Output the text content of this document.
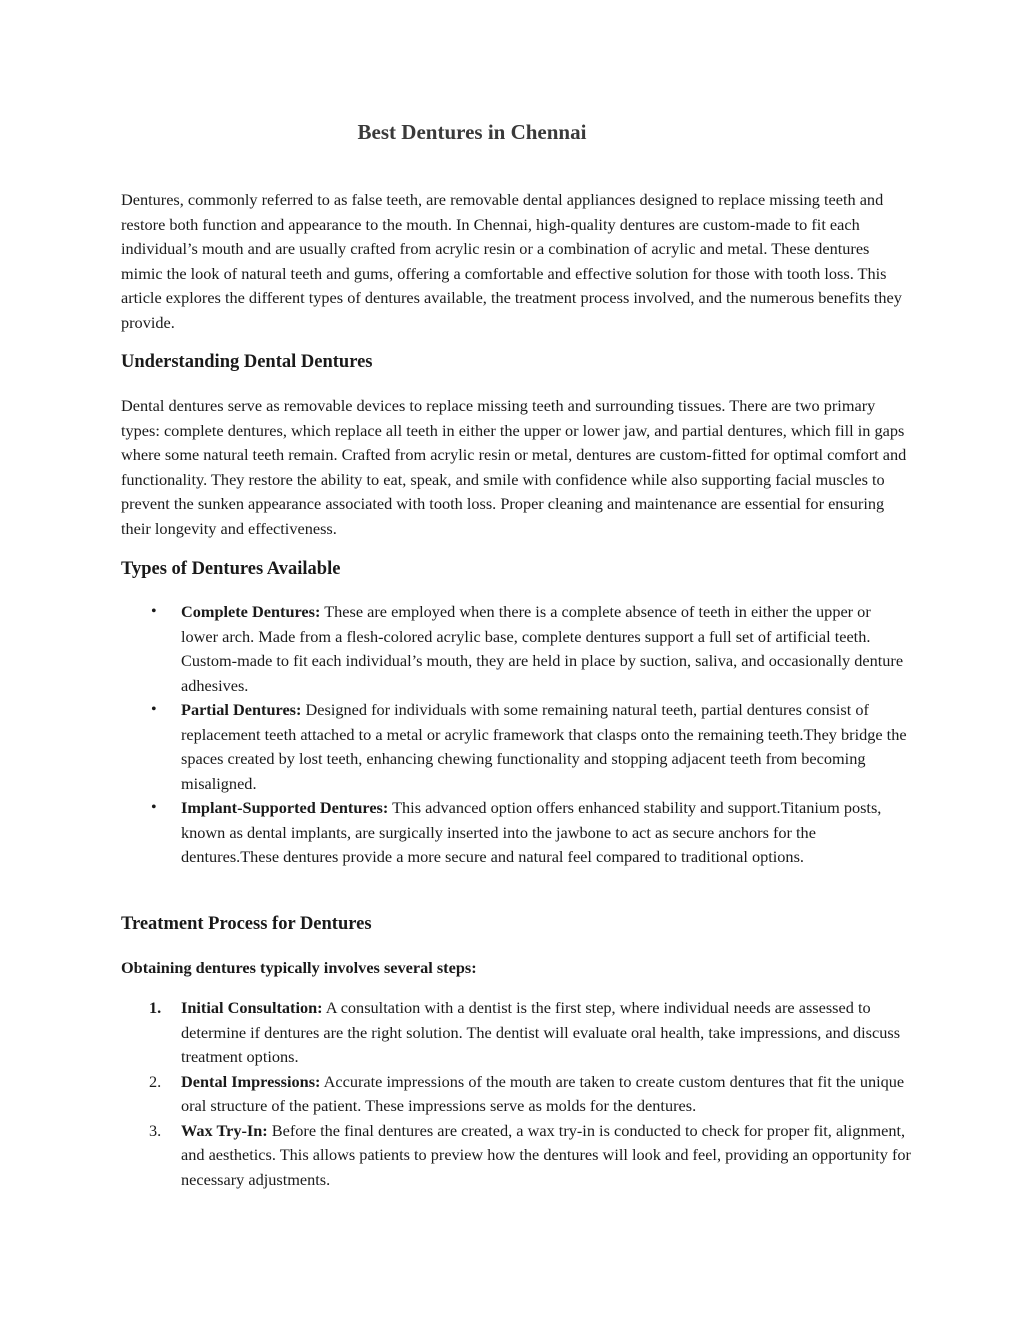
Best Dentures in Chennai

Dentures, commonly referred to as false teeth, are removable dental appliances designed to replace missing teeth and restore both function and appearance to the mouth. In Chennai, high-quality dentures are custom-made to fit each individual’s mouth and are usually crafted from acrylic resin or a combination of acrylic and metal. These dentures mimic the look of natural teeth and gums, offering a comfortable and effective solution for those with tooth loss. This article explores the different types of dentures available, the treatment process involved, and the numerous benefits they provide.

Understanding Dental Dentures

Dental dentures serve as removable devices to replace missing teeth and surrounding tissues. There are two primary types: complete dentures, which replace all teeth in either the upper or lower jaw, and partial dentures, which fill in gaps where some natural teeth remain. Crafted from acrylic resin or metal, dentures are custom-fitted for optimal comfort and functionality. They restore the ability to eat, speak, and smile with confidence while also supporting facial muscles to prevent the sunken appearance associated with tooth loss. Proper cleaning and maintenance are essential for ensuring their longevity and effectiveness.

Types of Dentures Available
• Complete Dentures: These are employed when there is a complete absence of teeth in either the upper or lower arch. Made from a flesh-colored acrylic base, complete dentures support a full set of artificial teeth. Custom-made to fit each individual’s mouth, they are held in place by suction, saliva, and occasionally denture adhesives.
• Partial Dentures: Designed for individuals with some remaining natural teeth, partial dentures consist of replacement teeth attached to a metal or acrylic framework that clasps onto the remaining teeth.They bridge the spaces created by lost teeth, enhancing chewing functionality and stopping adjacent teeth from becoming misaligned.
• Implant-Supported Dentures: This advanced option offers enhanced stability and support.Titanium posts, known as dental implants, are surgically inserted into the jawbone to act as secure anchors for the dentures.These dentures provide a more secure and natural feel compared to traditional options.
Treatment Process for Dentures
Obtaining dentures typically involves several steps:
1. Initial Consultation: A consultation with a dentist is the first step, where individual needs are assessed to determine if dentures are the right solution. The dentist will evaluate oral health, take impressions, and discuss treatment options.
2. Dental Impressions: Accurate impressions of the mouth are taken to create custom dentures that fit the unique oral structure of the patient. These impressions serve as molds for the dentures.
3. Wax Try-In: Before the final dentures are created, a wax try-in is conducted to check for proper fit, alignment, and aesthetics. This allows patients to preview how the dentures will look and feel, providing an opportunity for necessary adjustments.
